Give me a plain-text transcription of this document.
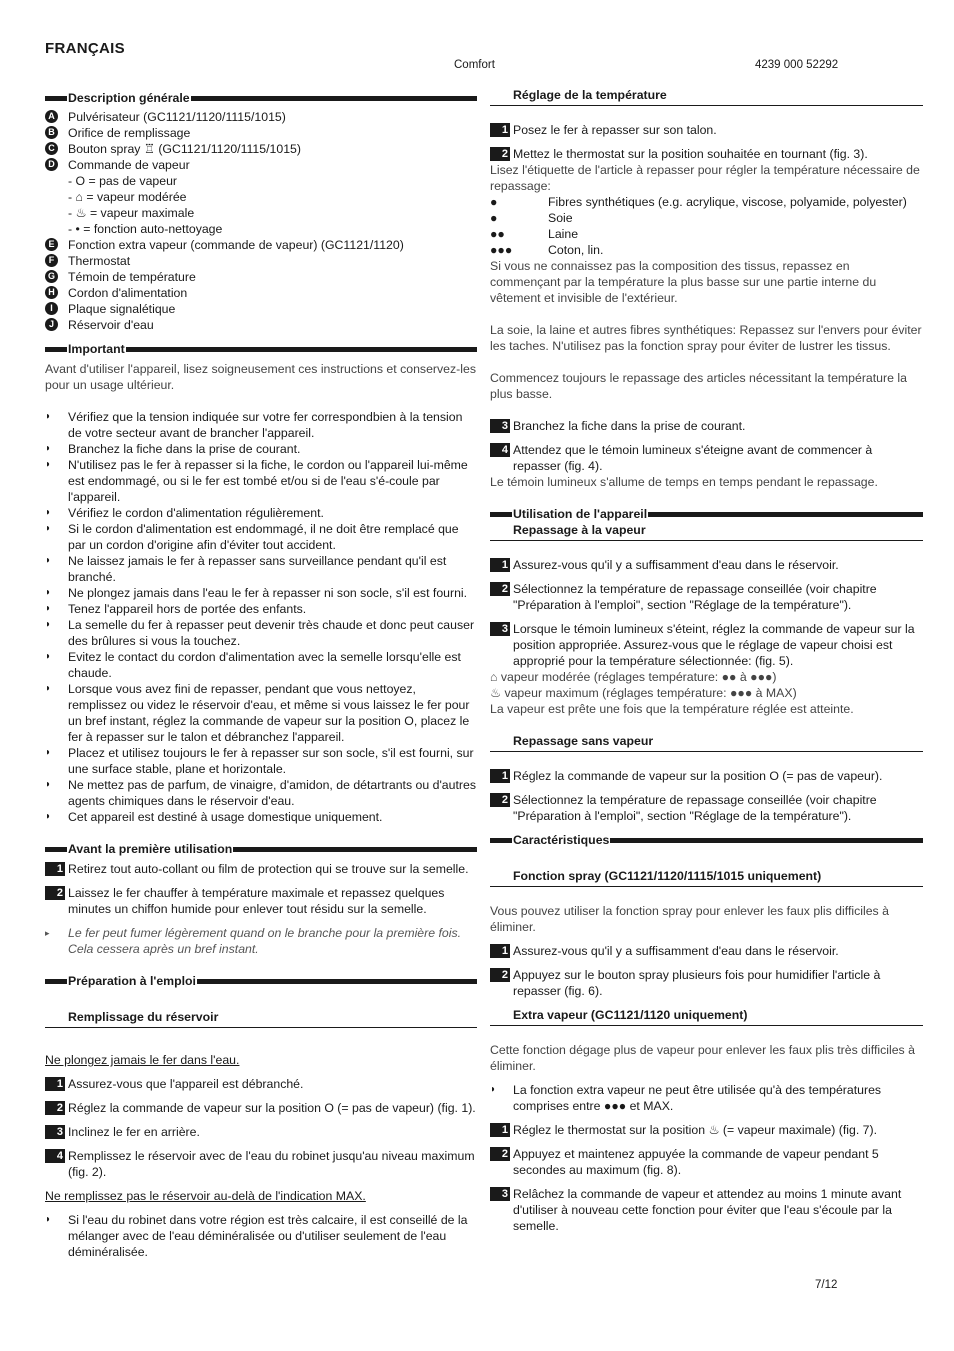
FRANÇAIS
Comfort	4239 000 52292
Description générale
A Pulvérisateur (GC1121/1120/1115/1015)
B Orifice de remplissage
C Bouton spray ♖ (GC1121/1120/1115/1015)
D Commande de vapeur
- O = pas de vapeur
- ⌂ = vapeur modérée
- ♨ = vapeur maximale
- • = fonction auto-nettoyage
E Fonction extra vapeur (commande de vapeur) (GC1121/1120)
F	Thermostat
G Témoin de température
H Cordon d'alimentation
I	Plaque signalétique
J	Réservoir d'eau
Important
Avant d'utiliser l'appareil, lisez soigneusement ces instructions et conservez-les pour un usage ultérieur.
◗	Vérifiez que la tension indiquée sur votre fer correspondbien à la tension de votre secteur avant de brancher l'appareil.
◗	Branchez la fiche dans la prise de courant.
◗	N'utilisez pas le fer à repasser si la fiche, le cordon ou l'appareil lui-même est endommagé, ou si le fer est tombé et/ou si de l'eau s'é-coule par l'appareil.
◗	Vérifiez le cordon d'alimentation régulièrement.
◗	Si le cordon d'alimentation est endommagé, il ne doit être remplacé que par un cordon d'origine afin d'éviter tout accident.
◗	Ne laissez jamais le fer à repasser sans surveillance pendant qu'il est branché.
◗	Ne plongez jamais dans l'eau le fer à repasser ni son socle, s'il est fourni.
◗	Tenez l'appareil hors de portée des enfants.
◗	La semelle du fer à repasser peut devenir très chaude et donc peut causer des brûlures si vous la touchez.
◗	Evitez le contact du cordon d'alimentation avec la semelle lorsqu'elle est chaude.
◗	Lorsque vous avez fini de repasser, pendant que vous nettoyez, remplissez ou videz le réservoir d'eau, et même si vous laissez le fer pour un bref instant, réglez la commande de vapeur sur la position O, placez le fer à repasser sur le talon et débranchez l'appareil.
◗	Placez et utilisez toujours le fer à repasser sur son socle, s'il est fourni, sur une surface stable, plane et horizontale.
◗	Ne mettez pas de parfum, de vinaigre, d'amidon, de détartrants ou d'autres agents chimiques dans le réservoir d'eau.
◗	Cet appareil est destiné à usage domestique uniquement.
Avant la première utilisation
1 Retirez tout auto-collant ou film de protection qui se trouve sur la semelle.
2 Laissez le fer chauffer à température maximale et repassez quelques minutes un chiffon humide pour enlever tout résidu sur la semelle.
▸	Le fer peut fumer légèrement quand on le branche pour la première fois. Cela cessera après un bref instant.
Préparation à l'emploi
Remplissage du réservoir
Ne plongez jamais le fer dans l'eau.
1 Assurez-vous que l'appareil est débranché.
2 Réglez la commande de vapeur sur la position O (= pas de vapeur) (fig. 1).
3 Inclinez le fer en arrière.
4 Remplissez le réservoir avec de l'eau du robinet jusqu'au niveau maximum (fig. 2).
Ne remplissez pas le réservoir au-delà de l'indication MAX.
◗	Si l'eau du robinet dans votre région est très calcaire, il est conseillé de la mélanger avec de l'eau déminéralisée ou d'utiliser seulement de l'eau déminéralisée.
Réglage de la température
1 Posez le fer à repasser sur son talon.
2 Mettez le thermostat sur la position souhaitée en tournant (fig. 3).
Lisez l'étiquette de l'article à repasser pour régler la température nécessaire de repassage:
●	Fibres synthétiques (e.g. acrylique, viscose, polyamide, polyester)
●	Soie
●●	Laine
●●●	Coton, lin.
Si vous ne connaissez pas la composition des tissus, repassez en commençant par la température la plus basse sur une partie interne du vêtement et invisible de l'extérieur.
La soie, la laine et autres fibres synthétiques: Repassez sur l'envers pour éviter les taches. N'utilisez pas la fonction spray pour éviter de lustrer les tissus.
Commencez toujours le repassage des articles nécessitant la température la plus basse.
3 Branchez la fiche dans la prise de courant.
4 Attendez que le témoin lumineux s'éteigne avant de commencer à repasser (fig. 4).
Le témoin lumineux s'allume de temps en temps pendant le repassage.
Utilisation de l'appareil
Repassage à la vapeur
1 Assurez-vous qu'il y a suffisamment d'eau dans le réservoir.
2 Sélectionnez la température de repassage conseillée (voir chapitre "Préparation à l'emploi", section "Réglage de la température").
3 Lorsque le témoin lumineux s'éteint, réglez la commande de vapeur sur la position appropriée. Assurez-vous que le réglage de vapeur choisi est approprié pour la température sélectionnée: (fig. 5).
⌂ vapeur modérée (réglages température: ●● à ●●●)
♨ vapeur maximum (réglages température: ●●● à MAX)
La vapeur est prête une fois que la température réglée est atteinte.
Repassage sans vapeur
1 Réglez la commande de vapeur sur la position O (= pas de vapeur).
2 Sélectionnez la température de repassage conseillée (voir chapitre "Préparation à l'emploi", section "Réglage de la température").
Caractéristiques
Fonction spray (GC1121/1120/1115/1015 uniquement)
Vous pouvez utiliser la fonction spray pour enlever les faux plis difficiles à éliminer.
1 Assurez-vous qu'il y a suffisamment d'eau dans le réservoir.
2 Appuyez sur le bouton spray plusieurs fois pour humidifier l'article à repasser (fig. 6).
Extra vapeur (GC1121/1120 uniquement)
Cette fonction dégage plus de vapeur pour enlever les faux plis très difficiles à éliminer.
◗	La fonction extra vapeur ne peut être utilisée qu'à des températures comprises entre ●●● et MAX.
1 Réglez le thermostat sur la position ♨ (= vapeur maximale) (fig. 7).
2 Appuyez et maintenez appuyée la commande de vapeur pendant 5 secondes au maximum (fig. 8).
3 Relâchez la commande de vapeur et attendez au moins 1 minute avant d'utiliser à nouveau cette fonction pour éviter que l'eau s'écoule par la semelle.
7/12
